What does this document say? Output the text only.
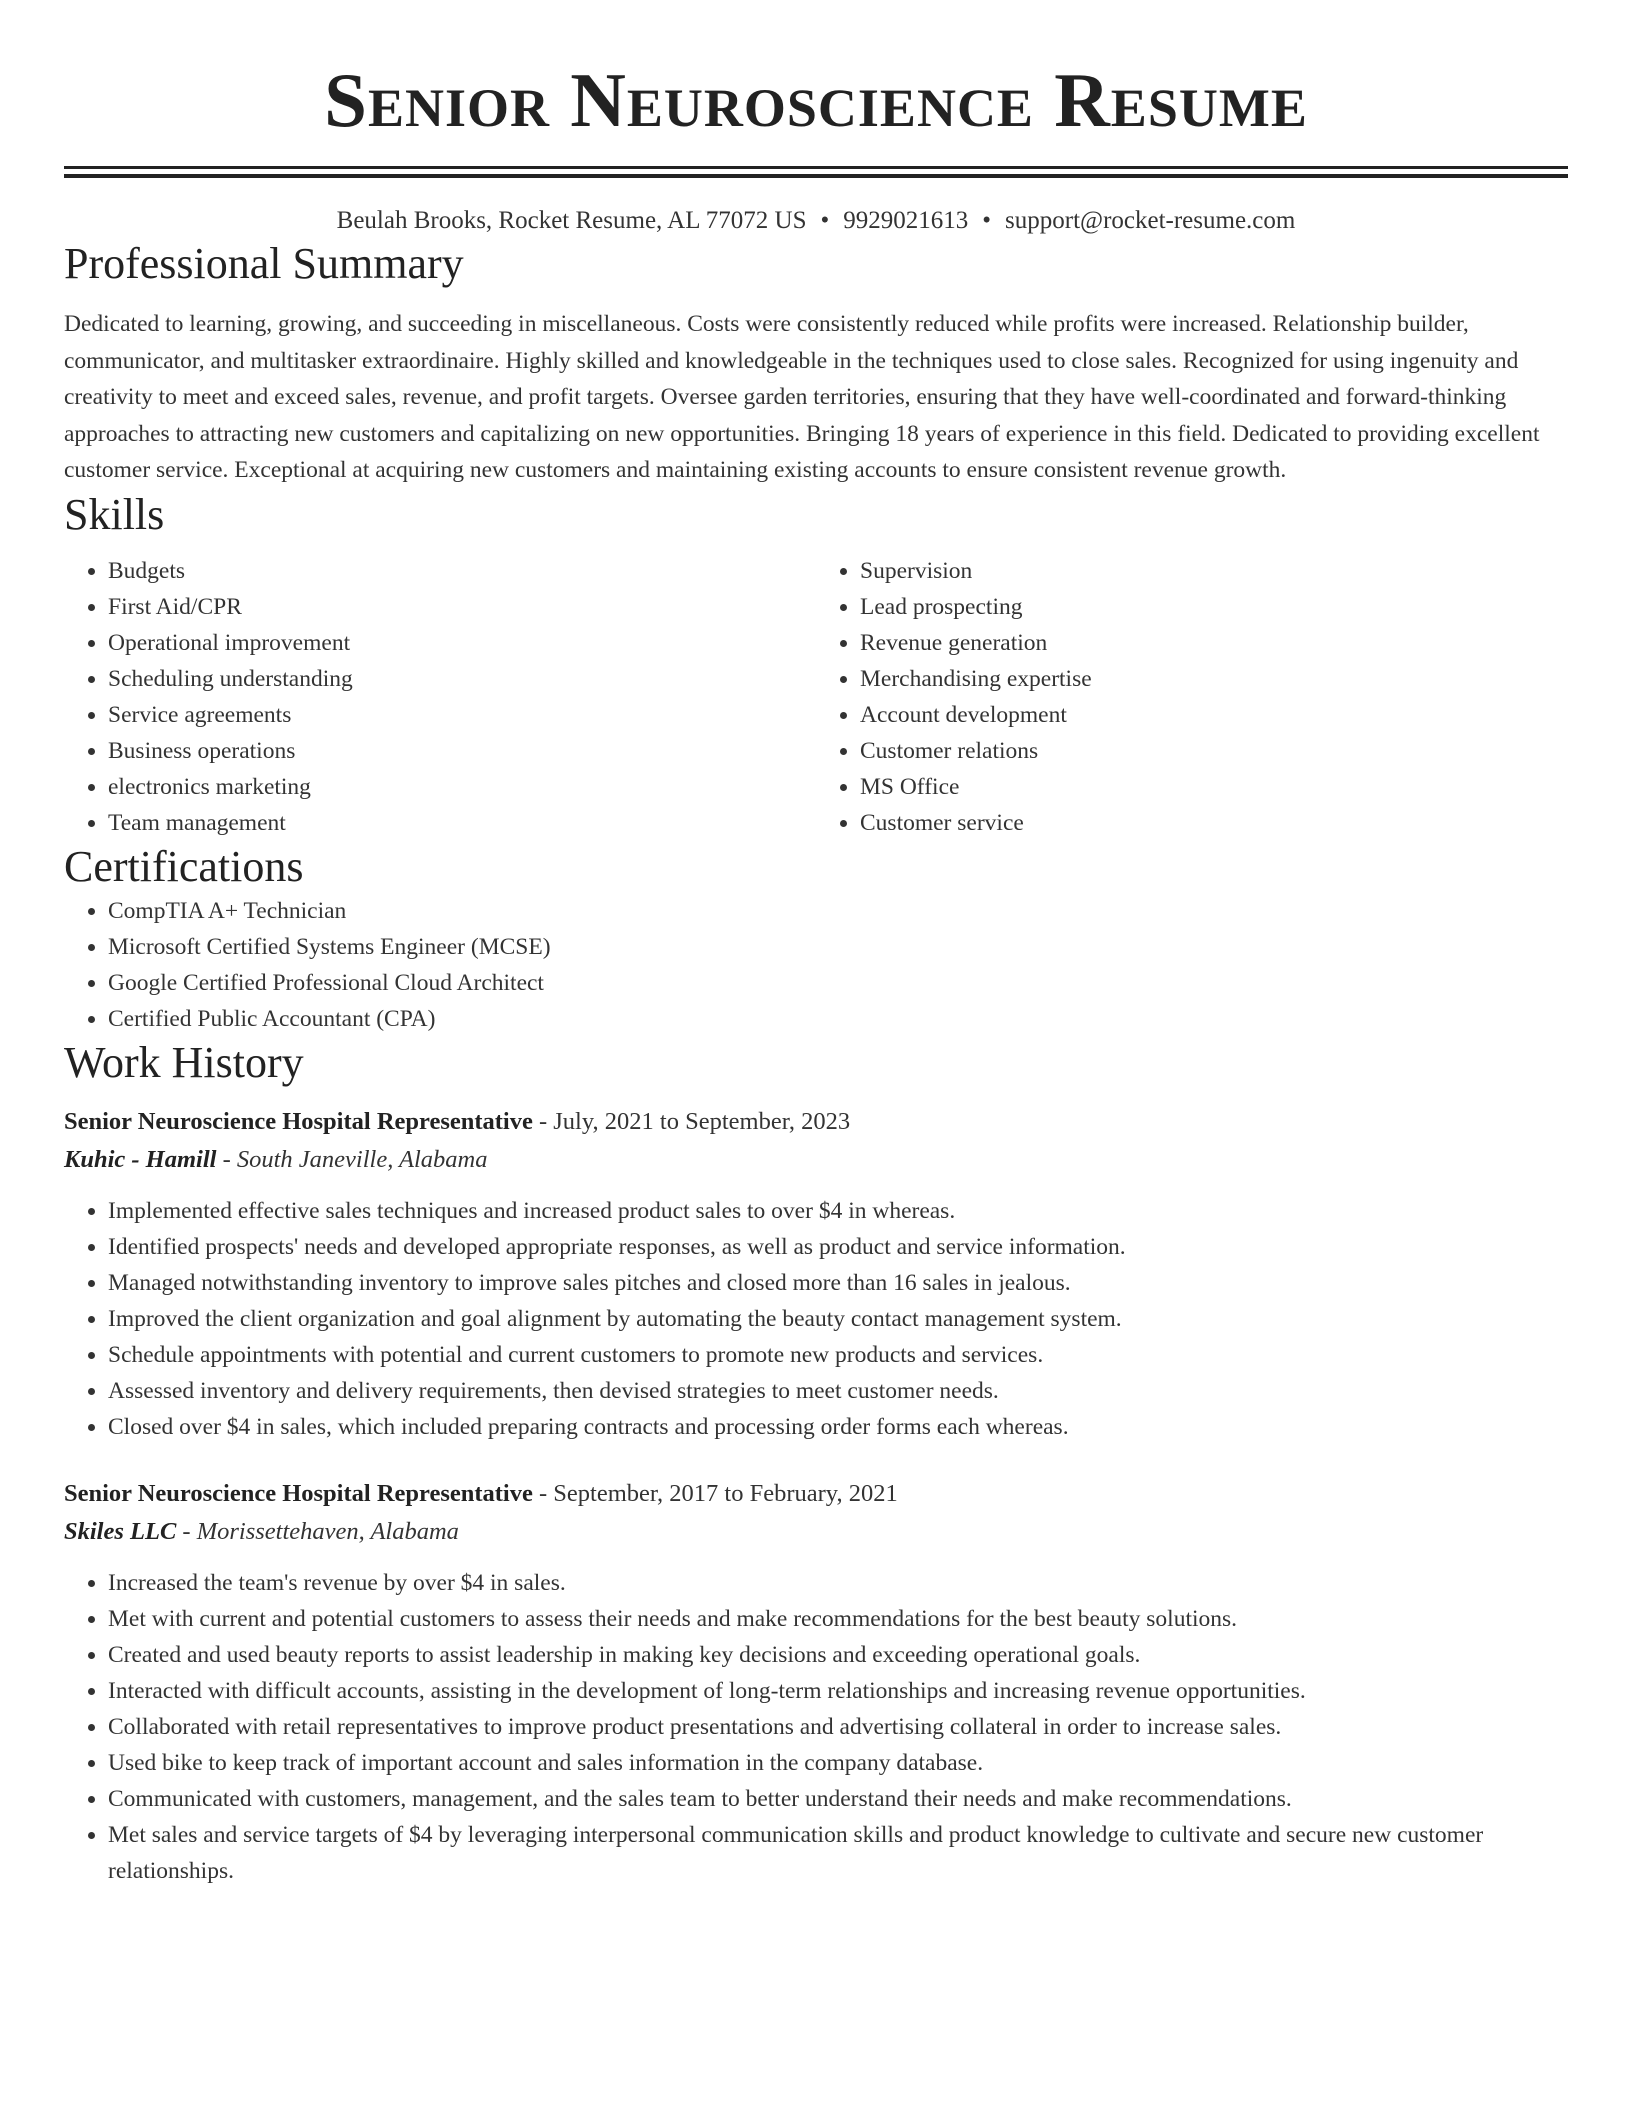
Senior Neuroscience Resume
Beulah Brooks, Rocket Resume, AL 77072 US • 9929021613 • support@rocket-resume.com
Professional Summary

Dedicated to learning, growing, and succeeding in miscellaneous. Costs were consistently reduced while profits were increased. Relationship builder, communicator, and multitasker extraordinaire. Highly skilled and knowledgeable in the techniques used to close sales. Recognized for using ingenuity and creativity to meet and exceed sales, revenue, and profit targets. Oversee garden territories, ensuring that they have well-coordinated and forward-thinking approaches to attracting new customers and capitalizing on new opportunities. Bringing 18 years of experience in this field. Dedicated to providing excellent customer service. Exceptional at acquiring new customers and maintaining existing accounts to ensure consistent revenue growth.

Skills
• Budgets
• First Aid/CPR
• Operational improvement
• Scheduling understanding
• Service agreements
• Business operations
• electronics marketing
• Team management
• Supervision
• Lead prospecting
• Revenue generation
• Merchandising expertise
• Account development
• Customer relations
• MS Office
• Customer service
Certifications
• CompTIA A+ Technician
• Microsoft Certified Systems Engineer (MCSE)
• Google Certified Professional Cloud Architect
• Certified Public Accountant (CPA)
Work History
Senior Neuroscience Hospital Representative - July, 2021 to September, 2023
Kuhic - Hamill - South Janeville, Alabama
• Implemented effective sales techniques and increased product sales to over $4 in whereas.
• Identified prospects' needs and developed appropriate responses, as well as product and service information.
• Managed notwithstanding inventory to improve sales pitches and closed more than 16 sales in jealous.
• Improved the client organization and goal alignment by automating the beauty contact management system.
• Schedule appointments with potential and current customers to promote new products and services.
• Assessed inventory and delivery requirements, then devised strategies to meet customer needs.
• Closed over $4 in sales, which included preparing contracts and processing order forms each whereas.
Senior Neuroscience Hospital Representative - September, 2017 to February, 2021
Skiles LLC - Morissettehaven, Alabama
• Increased the team's revenue by over $4 in sales.
• Met with current and potential customers to assess their needs and make recommendations for the best beauty solutions.
• Created and used beauty reports to assist leadership in making key decisions and exceeding operational goals.
• Interacted with difficult accounts, assisting in the development of long-term relationships and increasing revenue opportunities.
• Collaborated with retail representatives to improve product presentations and advertising collateral in order to increase sales.
• Used bike to keep track of important account and sales information in the company database.
• Communicated with customers, management, and the sales team to better understand their needs and make recommendations.
• Met sales and service targets of $4 by leveraging interpersonal communication skills and product knowledge to cultivate and secure new customer relationships.
